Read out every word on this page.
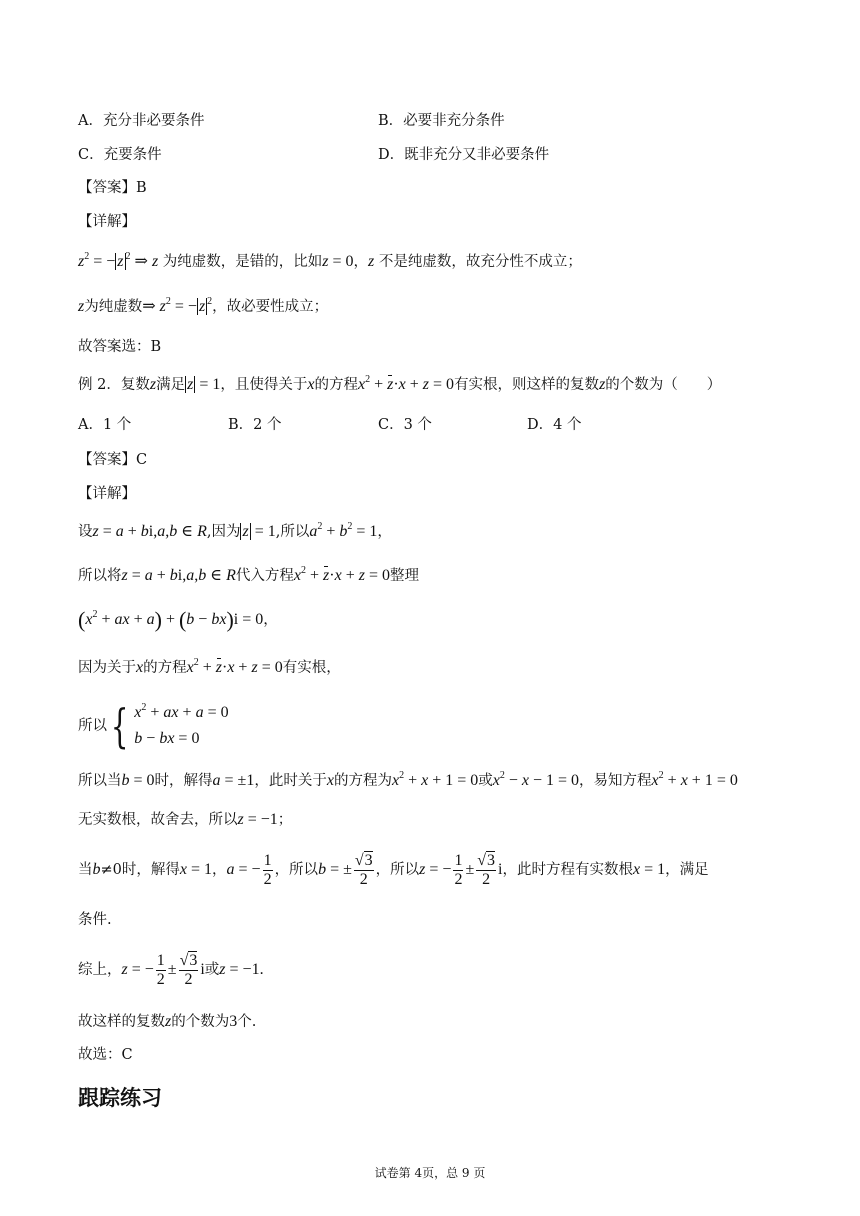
A．充分非必要条件	B．必要非充分条件
C．充要条件	D．既非充分又非必要条件
【答案】B
【详解】
$z^2$ = − z $^2$ ⇒ z 为纯虚数，是错的，比如z = 0，z 不是纯虚数，故充分性不成立；
z为纯虚数⇒ $z^2$ = − z $^2$，故必要性成立；
故答案选：B
例 2．复数z满足 z = 1，且使得关于x的方程$x^2 + z\cdot x + z = 0$有实根，则这样的复数z的个数为（　　）
A．1 个	B．2 个	C．3 个	D．4 个
【答案】C
【详解】
设z = a + bi,a,b ∈ R,因为 z = 1,所以$a^2 + b^2 = 1$，
所以将z = a + bi,a,b ∈ R代入方程$x^2 + z\cdot x + z = 0$整理
($x^2$ + ax + a) + (b − bx)i = 0，
因为关于x的方程$x^2 + z\cdot x + z = 0$有实根，
所以{ $x^2$ + ax + a = 0
b − bx = 0
所以当b = 0时，解得a = ±1，此时关于x的方程为$x^2 + x + 1 = 0$或$x^2 - x - 1 = 0$，易知方程$x^2 + x + 1 = 0$
无实数根，故舍去，所以z = −1；
当b≠0时，解得x = 1，a = − $\frac{1}{2}$ ，所以b = ± $\frac{√3}{2}$ ，所以z = − $\frac{1}{2} \pm \frac{√3}{2}$ i，此时方程有实数根x = 1，满足
条件.
综上，z = − $\frac{1}{2} \pm \frac{√3}{2}$ i或z = −1.
故这样的复数z的个数为3个.
故选：C
跟踪练习
试卷第 4页，总 9 页
